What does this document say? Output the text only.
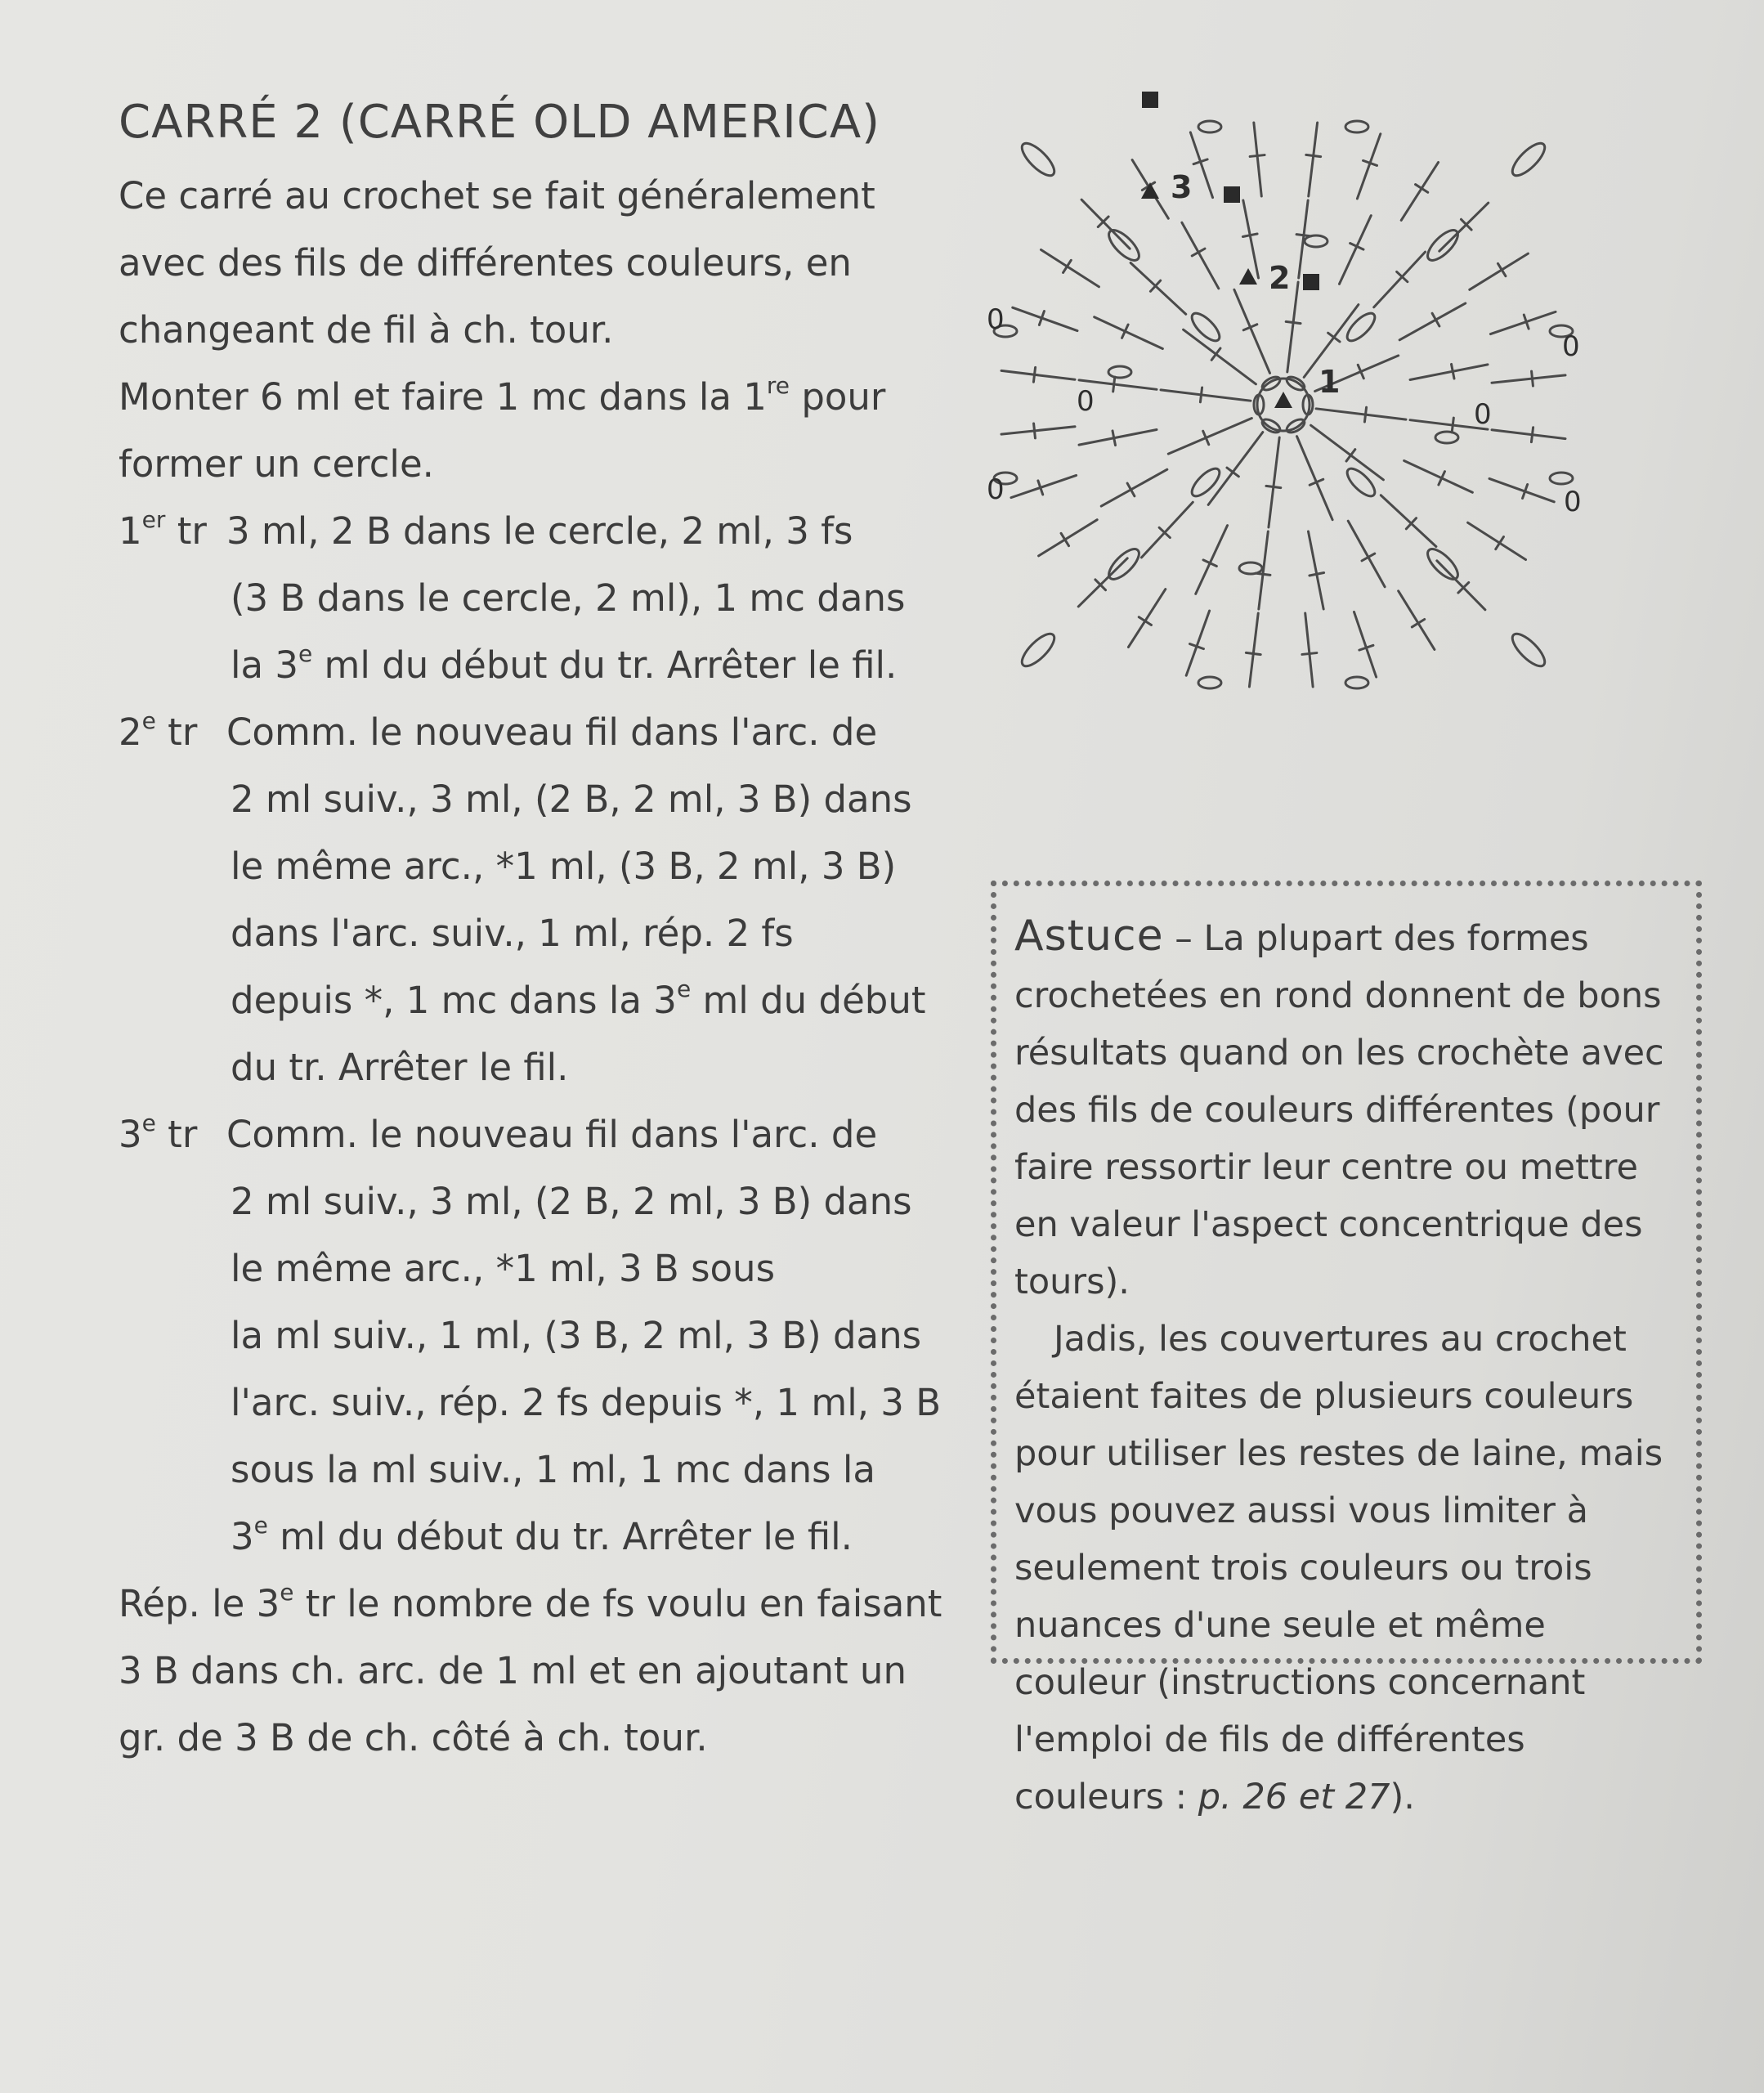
CARRÉ 2 (CARRÉ OLD AMERICA)

Ce carré au crochet se fait généralement avec des fils de différentes couleurs, en changeant de fil à ch. tour.

Monter 6 ml et faire 1 mc dans la 1re pour former un cercle.

1er tr 3 ml, 2 B dans le cercle, 2 ml, 3 fs

(3 B dans le cercle, 2 ml), 1 mc dans

la 3e ml du début du tr. Arrêter le fil.

2e tr Comm. le nouveau fil dans l'arc. de

2 ml suiv., 3 ml, (2 B, 2 ml, 3 B) dans

le même arc., *1 ml, (3 B, 2 ml, 3 B)

dans l'arc. suiv., 1 ml, rép. 2 fs

depuis *, 1 mc dans la 3e ml du début

du tr. Arrêter le fil.

3e tr Comm. le nouveau fil dans l'arc. de

2 ml suiv., 3 ml, (2 B, 2 ml, 3 B) dans

le même arc., *1 ml, 3 B sous

la ml suiv., 1 ml, (3 B, 2 ml, 3 B) dans

l'arc. suiv., rép. 2 fs depuis *, 1 ml, 3 B

sous la ml suiv., 1 ml, 1 mc dans la

3e ml du début du tr. Arrêter le fil.

Rép. le 3e tr le nombre de fs voulu en faisant 3 B dans ch. arc. de 1 ml et en ajoutant un gr. de 3 B de ch. côté à ch. tour.

1
2
3
0
0
0	0
0	0

Astuce – La plupart des formes crochetées en rond donnent de bons résultats quand on les crochète avec des fils de couleurs différentes (pour faire ressortir leur centre ou mettre en valeur l'aspect concentrique des tours).

Jadis, les couvertures au crochet étaient faites de plusieurs couleurs pour utiliser les restes de laine, mais vous pouvez aussi vous limiter à seulement trois couleurs ou trois nuances d'une seule et même couleur (instructions concernant l'emploi de fils de différentes couleurs : p. 26 et 27).
